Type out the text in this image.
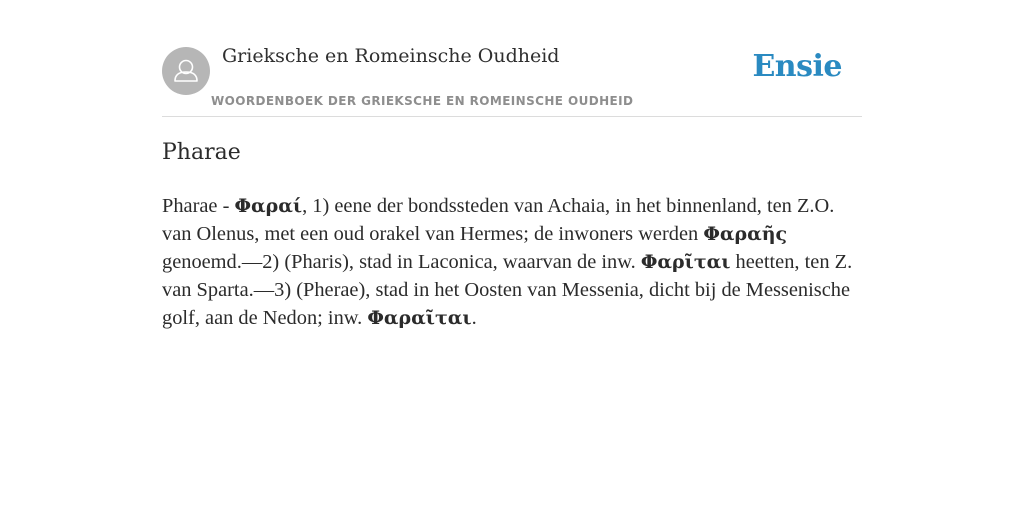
Grieksche en Romeinsche Oudheid
WOORDENBOEK DER GRIEKSCHE EN ROMEINSCHE OUDHEID
Ensie
Pharae

Pharae - Φαραί, 1) eene der bondssteden van Achaia, in het binnenland, ten Z.O. van Olenus, met een oud orakel van Hermes; de inwoners werden Φαραῆς genoemd.—2) (Pharis), stad in Laconica, waarvan de inw. Φαρῖται heetten, ten Z. van Sparta.—3) (Pherae), stad in het Oosten van Messenia, dicht bij de Messenische golf, aan de Nedon; inw. Φαραῖται.
